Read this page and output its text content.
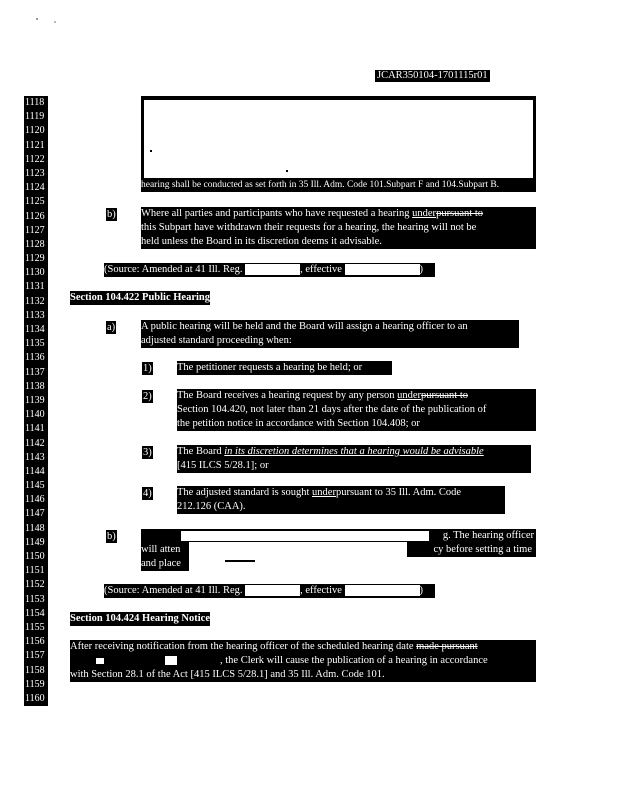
JCAR350104-1701115r01
1118
1119
1120
1121
1122
1123
1124
1125
1126
1127
1128
1129
1130
1131
1132
1133
1134
1135
1136
1137
1138
1139
1140
1141
1142
1143
1144
1145
1146
1147
1148
1149
1150
1151
1152
1153
1154
1155
1156
1157
1158
1159
1160
hearing shall be conducted as set forth in 35 Ill. Adm. Code 101.Subpart F and 104.Subpart B.
b) Where all parties and participants who have requested a hearing underpursuant to
this Subpart have withdrawn their requests for a hearing, the hearing will not be
held unless the Board in its discretion deems it advisable.
(Source: Amended at 41 Ill. Reg.	, effective	)
Section 104.422 Public Hearing
a) A public hearing will be held and the Board will assign a hearing officer to an
adjusted standard proceeding when:
1) The petitioner requests a hearing be held; or
2) The Board receives a hearing request by any person underpursuant to
Section 104.420, not later than 21 days after the date of the publication of
the petition notice in accordance with Section 104.408; or
3) The Board in its discretion determines that a hearing would be advisable
[415 ILCS 5/28.1]; or
4) The adjusted standard is sought underpursuant to 35 Ill. Adm. Code
212.126 (CAA).
b)	g. The hearing officer
will atten	cy before setting a time
and place
(Source: Amended at 41 Ill. Reg.	, effective	)
Section 104.424 Hearing Notice
After receiving notification from the hearing officer of the scheduled hearing date made pursuant
, the Clerk will cause the publication of a hearing in accordance
with Section 28.1 of the Act [415 ILCS 5/28.1] and 35 Ill. Adm. Code 101.
